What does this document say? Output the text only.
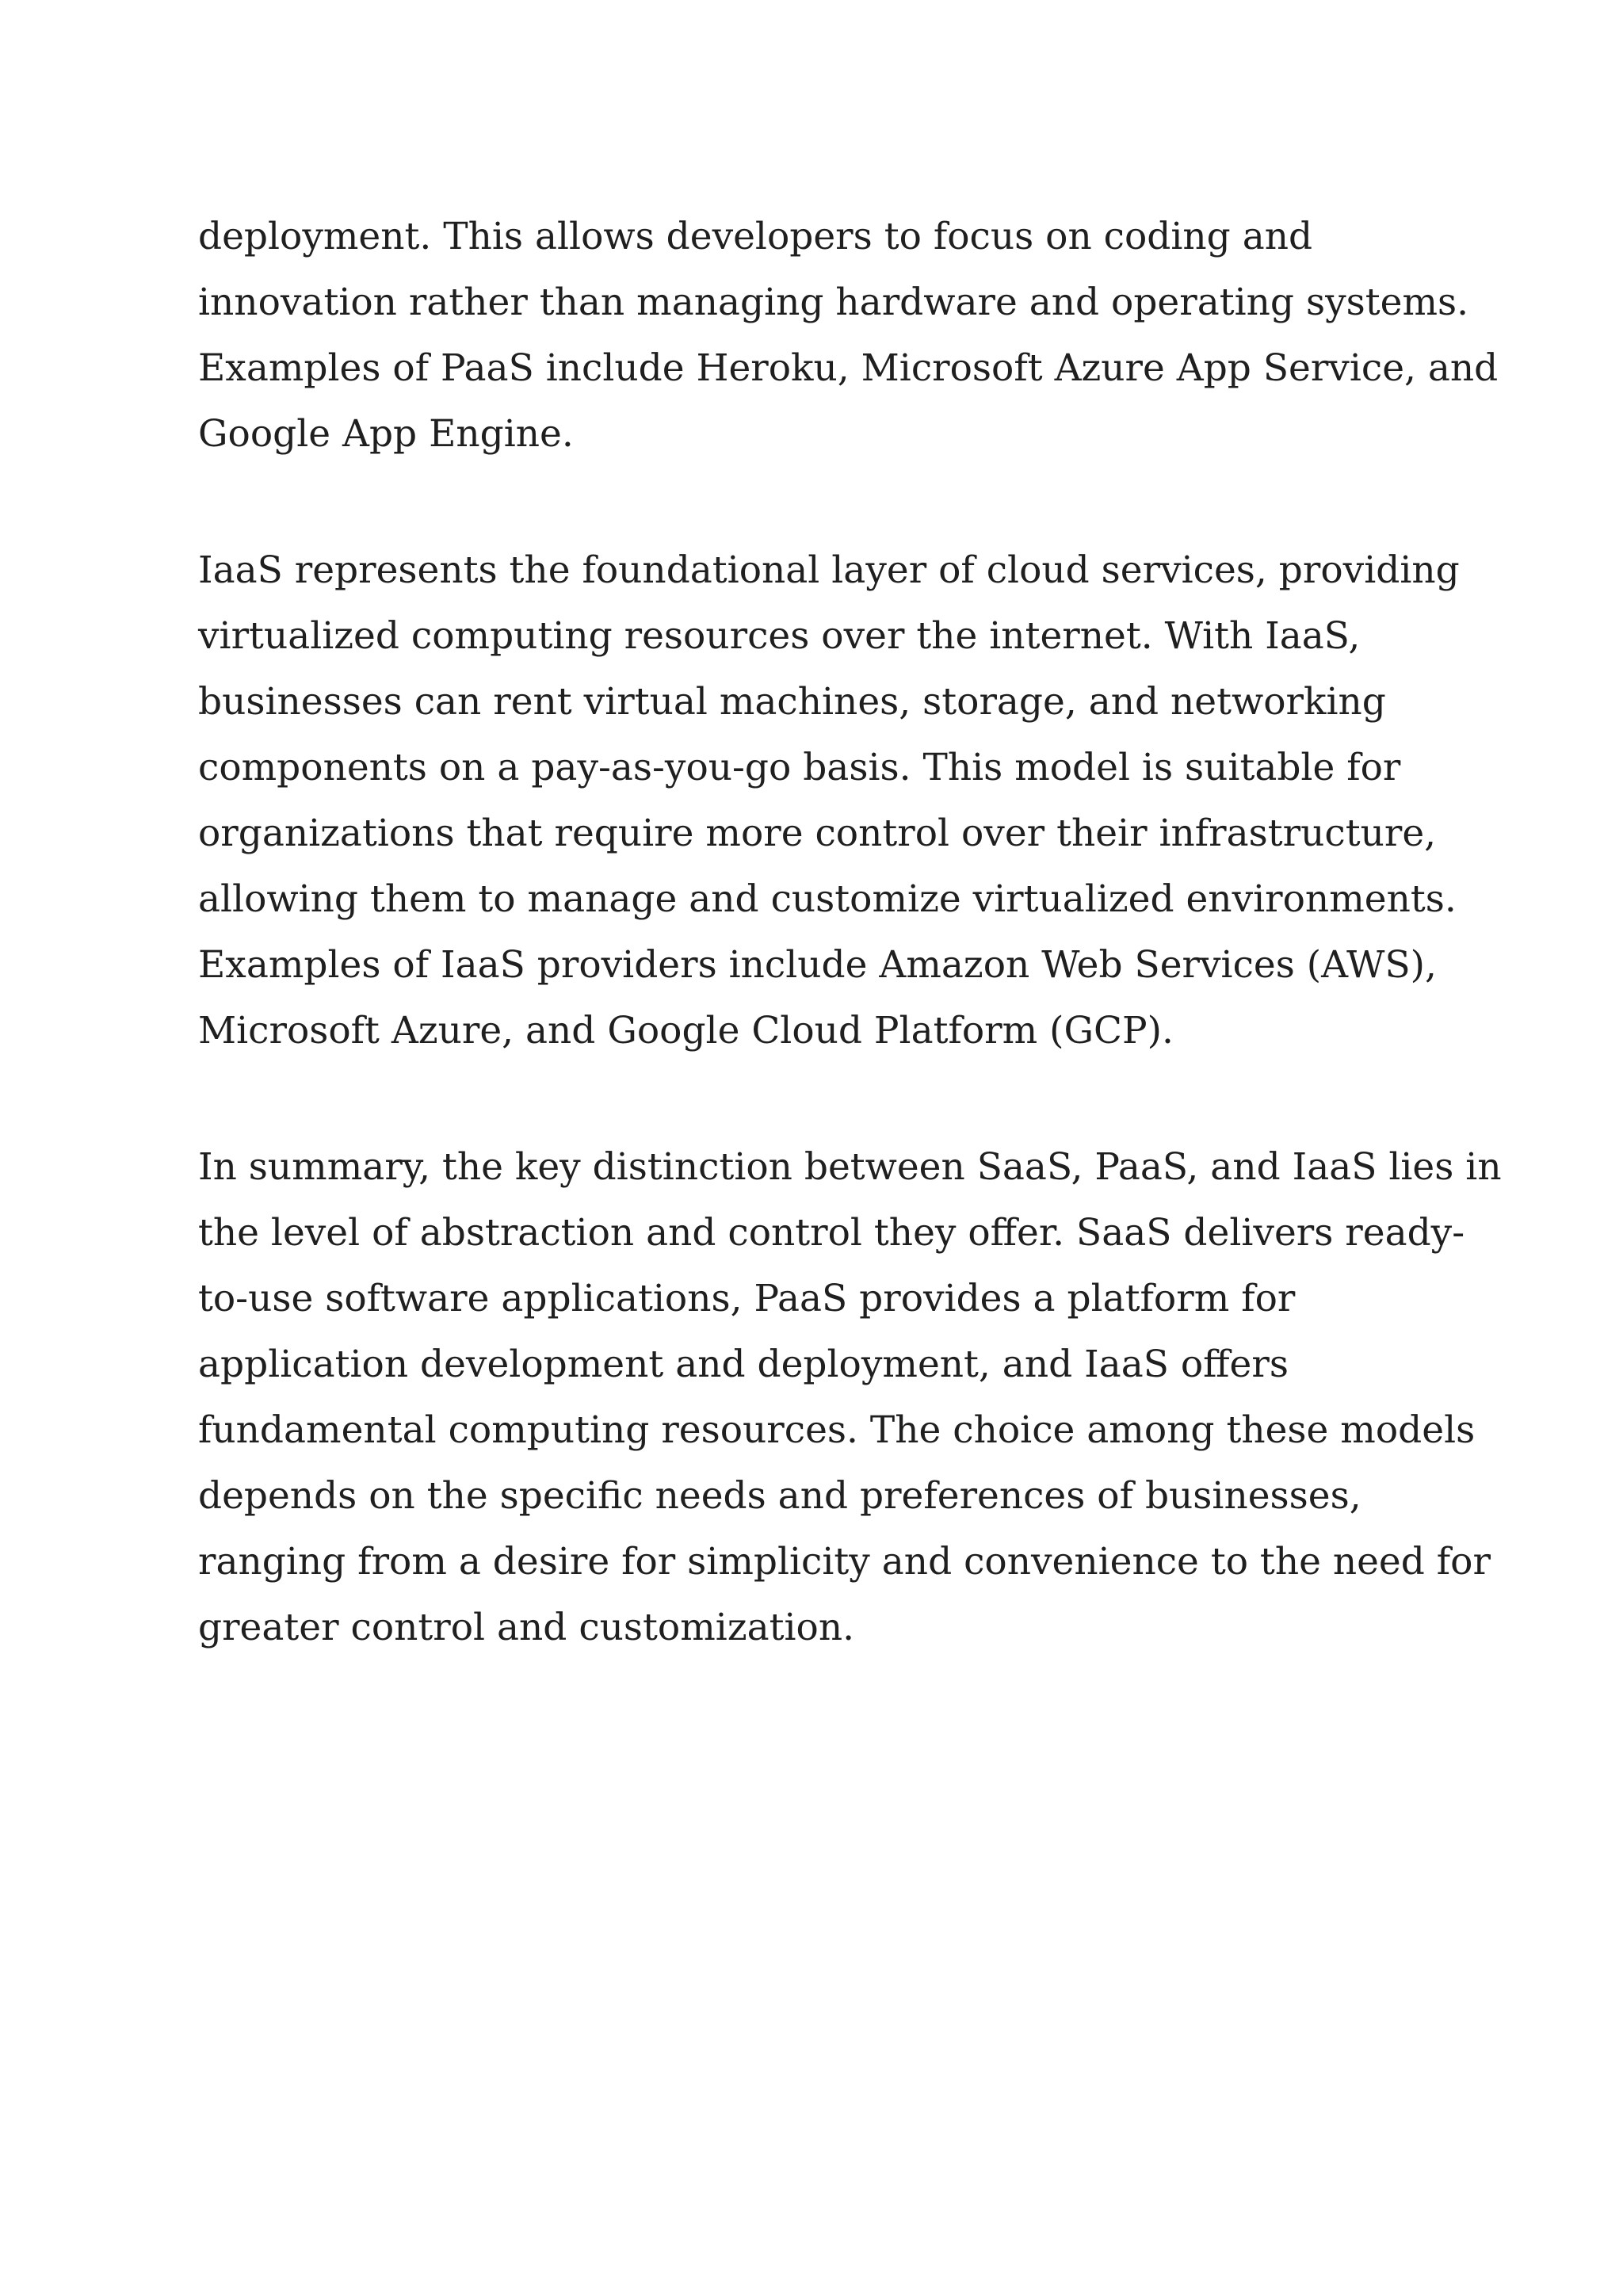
deployment. This allows developers to focus on coding and
innovation rather than managing hardware and operating systems.
Examples of PaaS include Heroku, Microsoft Azure App Service, and
Google App Engine.

IaaS represents the foundational layer of cloud services, providing
virtualized computing resources over the internet. With IaaS,
businesses can rent virtual machines, storage, and networking
components on a pay-as-you-go basis. This model is suitable for
organizations that require more control over their infrastructure,
allowing them to manage and customize virtualized environments.
Examples of IaaS providers include Amazon Web Services (AWS),
Microsoft Azure, and Google Cloud Platform (GCP).

In summary, the key distinction between SaaS, PaaS, and IaaS lies in
the level of abstraction and control they offer. SaaS delivers ready-
to-use software applications, PaaS provides a platform for
application development and deployment, and IaaS offers
fundamental computing resources. The choice among these models
depends on the specific needs and preferences of businesses,
ranging from a desire for simplicity and convenience to the need for
greater control and customization.
